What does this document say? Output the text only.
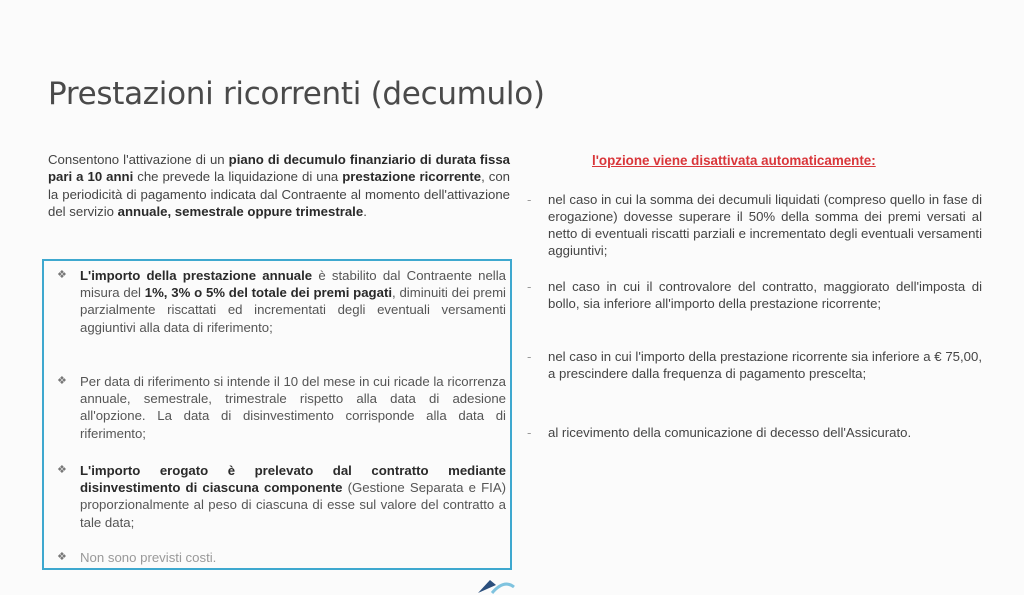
Prestazioni ricorrenti (decumulo)
Consentono l'attivazione di un piano di decumulo finanziario di durata fissa pari a 10 anni che prevede la liquidazione di una prestazione ricorrente, con la periodicità di pagamento indicata dal Contraente al momento dell'attivazione del servizio annuale, semestrale oppure trimestrale.
❖ L'importo della prestazione annuale è stabilito dal Contraente nella misura del 1%, 3% o 5% del totale dei premi pagati, diminuiti dei premi parzialmente riscattati ed incrementati degli eventuali versamenti aggiuntivi alla data di riferimento;
❖ Per data di riferimento si intende il 10 del mese in cui ricade la ricorrenza annuale, semestrale, trimestrale rispetto alla data di adesione all'opzione. La data di disinvestimento corrisponde alla data di riferimento;
❖ L'importo erogato è prelevato dal contratto mediante disinvestimento di ciascuna componente (Gestione Separata e FIA) proporzionalmente al peso di ciascuna di esse sul valore del contratto a tale data;
❖ Non sono previsti costi.
l'opzione viene disattivata automaticamente:
- nel caso in cui la somma dei decumuli liquidati (compreso quello in fase di erogazione) dovesse superare il 50% della somma dei premi versati al netto di eventuali riscatti parziali e incrementato degli eventuali versamenti aggiuntivi;
- nel caso in cui il controvalore del contratto, maggiorato dell'imposta di bollo, sia inferiore all'importo della prestazione ricorrente;
- nel caso in cui l'importo della prestazione ricorrente sia inferiore a € 75,00, a prescindere dalla frequenza di pagamento prescelta;
- al ricevimento della comunicazione di decesso dell'Assicurato.
